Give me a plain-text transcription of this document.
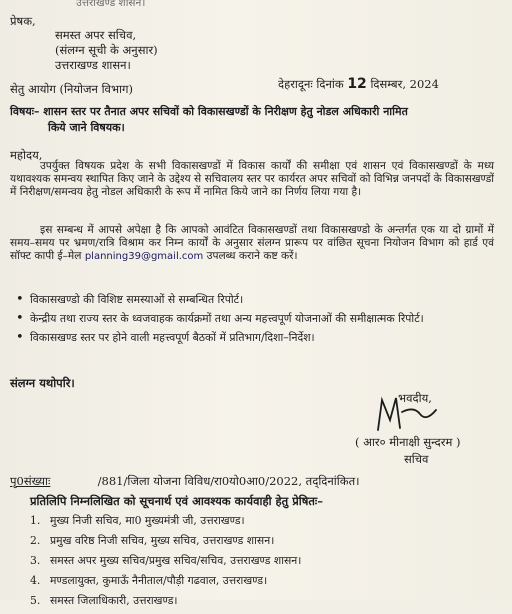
उत्तराखण्ड शासन।
प्रेषक,
समस्त अपर सचिव,
(संलग्न सूची के अनुसार)
उत्तराखण्ड शासन।
सेतु आयोग (नियोजन विभाग)	देहरादूनः दिनांक 12 दिसम्बर, 2024
विषयः– शासन स्तर पर तैनात अपर सचिवों को विकासखण्डों के निरीक्षण हेतु नोडल अधिकारी नामित
किये जाने विषयक।
महोदय,
उपर्युक्त विषयक प्रदेश के सभी विकासखण्डों में विकास कार्यों की समीक्षा एवं शासन एवं विकासखण्डों के मध्य यथावश्यक समन्वय स्थापित किए जाने के उद्देश्य से सचिवालय स्तर पर कार्यरत अपर सचिवों को विभिन्न जनपदों के विकासखण्डों में निरीक्षण/समन्वय हेतु नोडल अधिकारी के रूप में नामित किये जाने का निर्णय लिया गया है।
इस सम्बन्ध में आपसे अपेक्षा है कि आपको आवंटित विकासखण्डों तथा विकासखण्डो के अन्तर्गत एक या दो ग्रामों में समय–समय पर भ्रमण/रात्रि विश्राम कर निम्न कार्यों के अनुसार संलग्न प्रारूप पर वांछित सूचना नियोजन विभाग को हार्ड एवं सॉफ्ट कापी ई–मेल planning39@gmail.com उपलब्ध कराने कष्ट करें।
• विकासखण्डो की विशिष्ट समस्याओं से सम्बन्धित रिपोर्ट।
• केन्द्रीय तथा राज्य स्तर के ध्वजवाहक कार्यक्रमों तथा अन्य महत्त्वपूर्ण योजनाओं की समीक्षात्मक रिपोर्ट।
• विकासखण्ड स्तर पर होने वाली महत्त्वपूर्ण बैठकों में प्रतिभाग/दिशा–निर्देश।
संलग्न यथोपरि।
भवदीय,
( आर० मीनाक्षी सुन्दरम )
सचिव
पृ0संख्याः	/881/जिला योजना विविध/रा0यो0आ0/2022, तद्‌दिनांकित।
प्रतिलिपि निम्नलिखित को सूचनार्थ एवं आवश्यक कार्यवाही हेतु प्रेषितः–
1. मुख्य निजी सचिव, मा0 मुख्यमंत्री जी, उत्तराखण्ड।
2. प्रमुख वरिष्ठ निजी सचिव, मुख्य सचिव, उत्तराखण्ड शासन।
3. समस्त अपर मुख्य सचिव/प्रमुख सचिव/सचिव, उत्तराखण्ड शासन।
4. मण्डलायुक्त, कुमाऊँ नैनीताल/पौड़ी गढवाल, उत्तराखण्ड।
5. समस्त जिलाधिकारी, उत्तराखण्ड।
